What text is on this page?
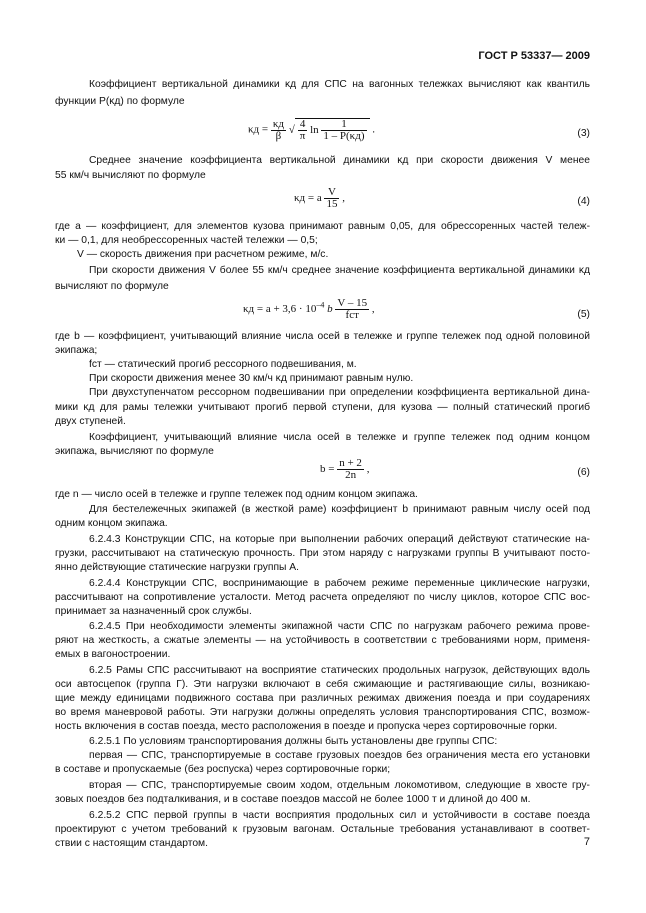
ГОСТ Р 53337— 2009
Коэффициент вертикальной динамики κд для СПС на вагонных тележках вычисляют как квантиль
функции P(κд) по формуле
$\kappa д = \frac{\kappa д}{\beta}$ √ $\frac{4}{\pi}$ $\ln \frac{1}{1 - P(\kappa д)}$ .	(3)
Среднее значение коэффициента вертикальной динамики κд при скорости движения V менее
55 км/ч вычисляют по формуле
κд = a $\frac{V}{15}$ ,	(4)
где a — коэффициент, для элементов кузова принимают равным 0,05, для обрессоренных частей тележ-
ки — 0,1, для необрессоренных частей тележки — 0,5;
V — скорость движения при расчетном режиме, м/с.
При скорости движения V более 55 км/ч среднее значение коэффициента вертикальной динамики κд
вычисляют по формуле
$\kappa д = a + 3,6 \cdot 10^{-4}$ b $\frac{V - 15}{\text{fст}}$ ,	(5)
где b — коэффициент, учитывающий влияние числа осей в тележке и группе тележек под одной половиной
экипажа;
fст — статический прогиб рессорного подвешивания, м.
При скорости движения менее 30 км/ч κд принимают равным нулю.
При двухступенчатом рессорном подвешивании при определении коэффициента вертикальной дина-
мики κд для рамы тележки учитывают прогиб первой ступени, для кузова — полный статический прогиб
двух ступеней.
Коэффициент, учитывающий влияние числа осей в тележке и группе тележек под одним концом
экипажа, вычисляют по формуле
$b = \frac{n + 2}{2n}$ ,	(6)
где n — число осей в тележке и группе тележек под одним концом экипажа.
Для бестележечных экипажей (в жесткой раме) коэффициент b принимают равным числу осей под
одним концом экипажа.
6.2.4.3 Конструкции СПС, на которые при выполнении рабочих операций действуют статические на-
грузки, рассчитывают на статическую прочность. При этом наряду с нагрузками группы В учитывают посто-
янно действующие статические нагрузки группы А.
6.2.4.4 Конструкции СПС, воспринимающие в рабочем режиме переменные циклические нагрузки,
рассчитывают на сопротивление усталости. Метод расчета определяют по числу циклов, которое СПС вос-
принимает за назначенный срок службы.
6.2.4.5 При необходимости элементы экипажной части СПС по нагрузкам рабочего режима прове-
ряют на жесткость, а сжатые элементы — на устойчивость в соответствии с требованиями норм, применя-
емых в вагоностроении.
6.2.5 Рамы СПС рассчитывают на восприятие статических продольных нагрузок, действующих вдоль
оси автосцепок (группа Г). Эти нагрузки включают в себя сжимающие и растягивающие силы, возникаю-
щие между единицами подвижного состава при различных режимах движения поезда и при соударениях
во время маневровой работы. Эти нагрузки должны определять условия транспортирования СПС, возмож-
ность включения в состав поезда, место расположения в поезде и пропуска через сортировочные горки.
6.2.5.1 По условиям транспортирования должны быть установлены две группы СПС:
первая — СПС, транспортируемые в составе грузовых поездов без ограничения места его установки
в составе и пропускаемые (без роспуска) через сортировочные горки;
вторая — СПС, транспортируемые своим ходом, отдельным локомотивом, следующие в хвосте гру-
зовых поездов без подталкивания, и в составе поездов массой не более 1000 т и длиной до 400 м.
6.2.5.2 СПС первой группы в части восприятия продольных сил и устойчивости в составе поезда
проектируют с учетом требований к грузовым вагонам. Остальные требования устанавливают в соответ-
ствии с настоящим стандартом.	7
